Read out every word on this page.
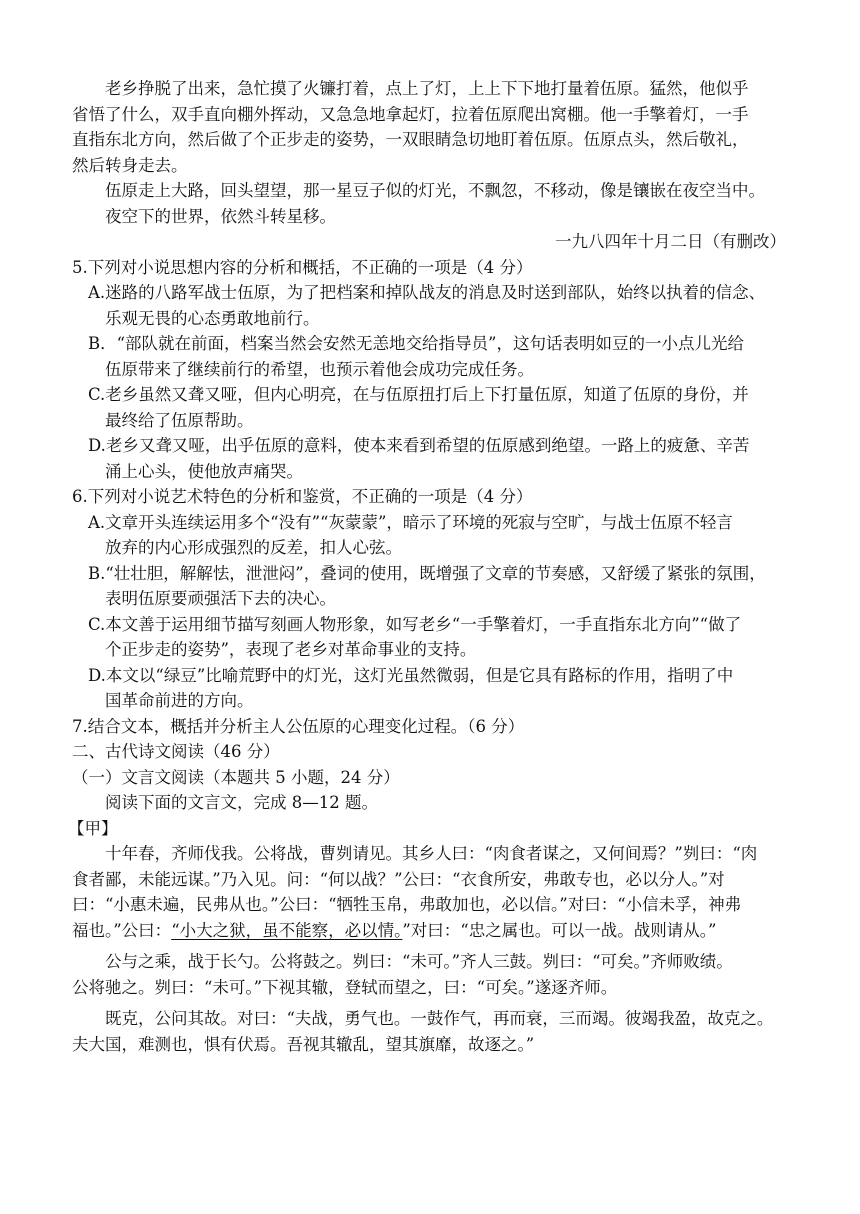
老乡挣脱了出来，急忙摸了火镰打着，点上了灯，上上下下地打量着伍原。猛然，他似乎
省悟了什么，双手直向棚外挥动，又急急地拿起灯，拉着伍原爬出窝棚。他一手擎着灯，一手
直指东北方向，然后做了个正步走的姿势，一双眼睛急切地盯着伍原。伍原点头，然后敬礼，
然后转身走去。
伍原走上大路，回头望望，那一星豆子似的灯光，不飘忽，不移动，像是镶嵌在夜空当中。
夜空下的世界，依然斗转星移。
一九八四年十月二日（有删改）
5.下列对小说思想内容的分析和概括，不正确的一项是（4 分）
A.迷路的八路军战士伍原，为了把档案和掉队战友的消息及时送到部队，始终以执着的信念、
乐观无畏的心态勇敢地前行。
B．“部队就在前面，档案当然会安然无恙地交给指导员”，这句话表明如豆的一小点儿光给
伍原带来了继续前行的希望，也预示着他会成功完成任务。
C.老乡虽然又聋又哑，但内心明亮，在与伍原扭打后上下打量伍原，知道了伍原的身份，并
最终给了伍原帮助。
D.老乡又聋又哑，出乎伍原的意料，使本来看到希望的伍原感到绝望。一路上的疲惫、辛苦
涌上心头，使他放声痛哭。
6.下列对小说艺术特色的分析和鉴赏，不正确的一项是（4 分）
A.文章开头连续运用多个“没有”“灰蒙蒙”，暗示了环境的死寂与空旷，与战士伍原不轻言
放弃的内心形成强烈的反差，扣人心弦。
B.“壮壮胆，解解怯，泄泄闷”，叠词的使用，既增强了文章的节奏感，又舒缓了紧张的氛围，
表明伍原要顽强活下去的决心。
C.本文善于运用细节描写刻画人物形象，如写老乡“一手擎着灯，一手直指东北方向”“做了
个正步走的姿势”，表现了老乡对革命事业的支持。
D.本文以“绿豆”比喻荒野中的灯光，这灯光虽然微弱，但是它具有路标的作用，指明了中
国革命前进的方向。
7.结合文本，概括并分析主人公伍原的心理变化过程。（6 分）
二、古代诗文阅读（46 分）
（一）文言文阅读（本题共 5 小题，24 分）
阅读下面的文言文，完成 8—12 题。
【甲】
十年春，齐师伐我。公将战，曹刿请见。其乡人曰：“肉食者谋之，又何间焉？”刿曰：“肉
食者鄙，未能远谋。”乃入见。问：“何以战？”公曰：“衣食所安，弗敢专也，必以分人。”对
曰：“小惠未遍，民弗从也。”公曰：“牺牲玉帛，弗敢加也，必以信。”对曰：“小信未孚，神弗
福也。”公曰：“小大之狱，虽不能察，必以情。”对曰：“忠之属也。可以一战。战则请从。”
公与之乘，战于长勺。公将鼓之。刿曰：“未可。”齐人三鼓。刿曰：“可矣。”齐师败绩。
公将驰之。刿曰：“未可。”下视其辙，登轼而望之，曰：“可矣。”遂逐齐师。
既克，公问其故。对曰：“夫战，勇气也。一鼓作气，再而衰，三而竭。彼竭我盈，故克之。
夫大国，难测也，惧有伏焉。吾视其辙乱，望其旗靡，故逐之。”
